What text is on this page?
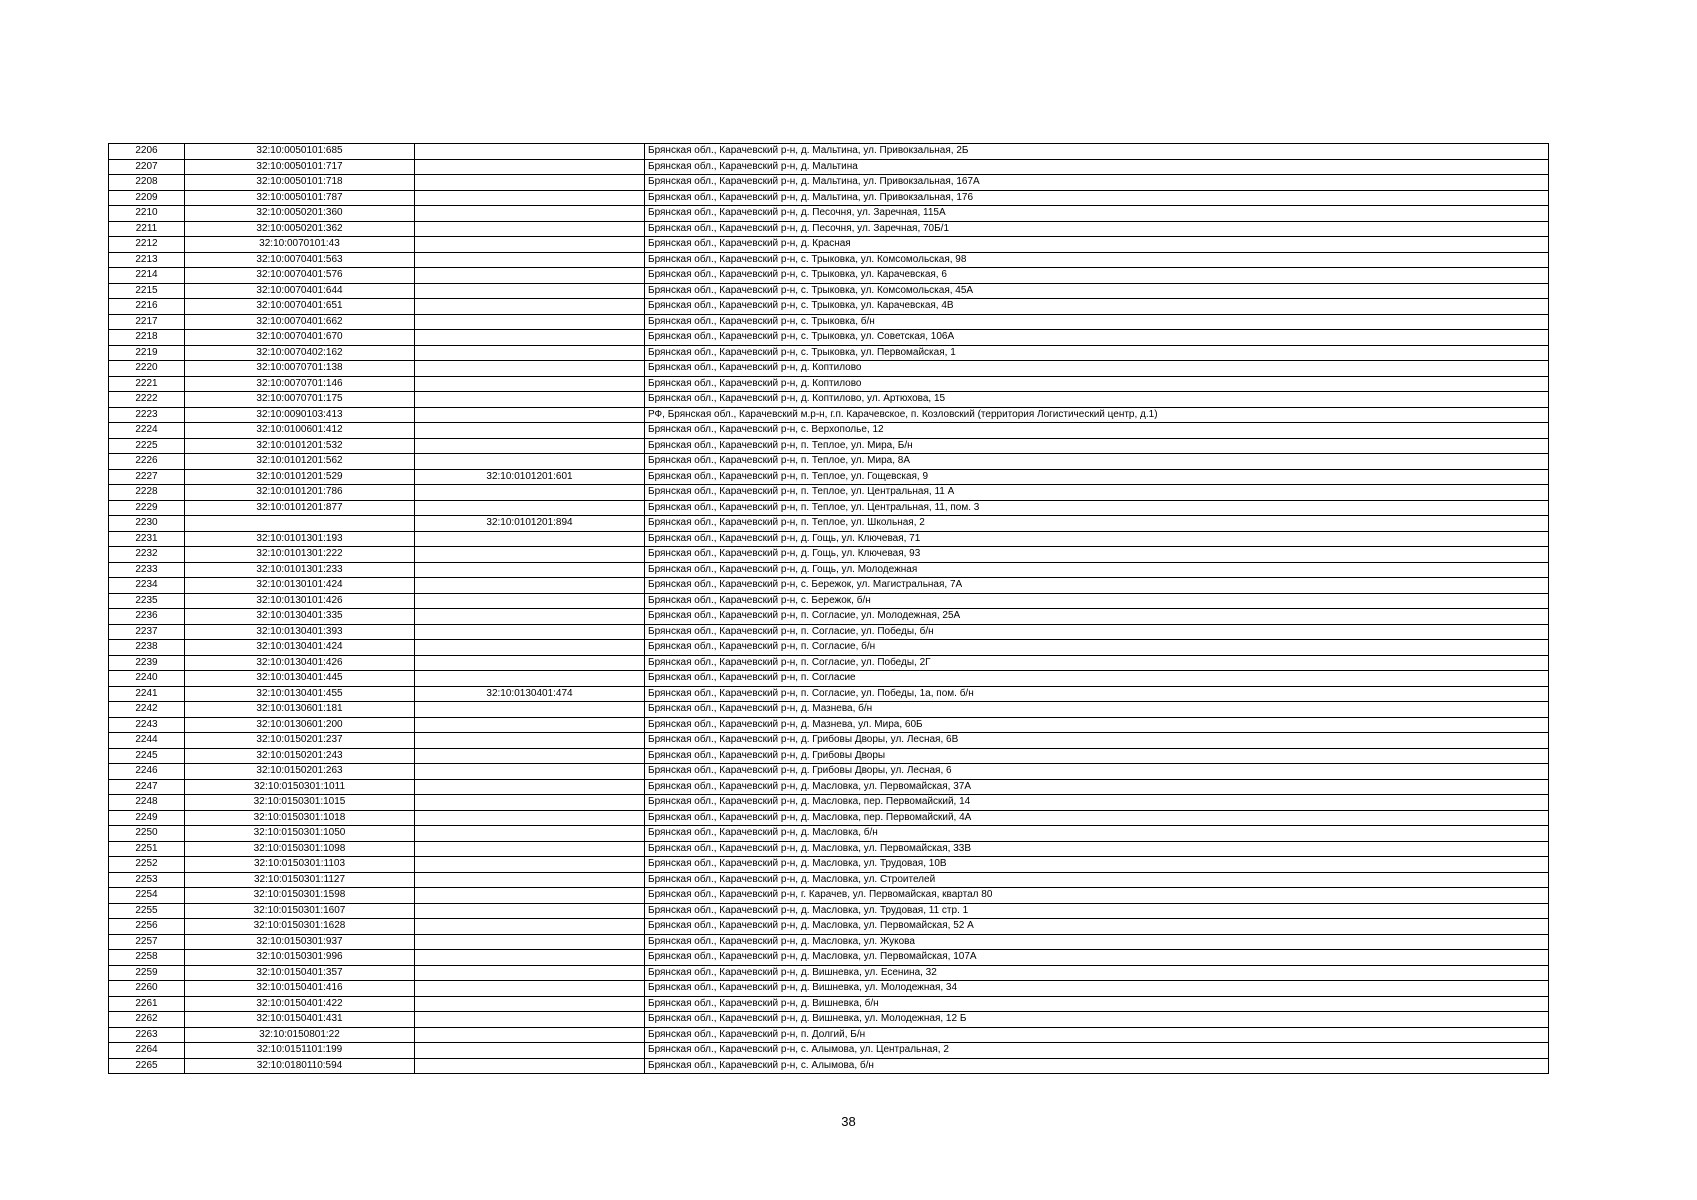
2206	32:10:0050101:685		Брянская обл., Карачевский р-н, д. Мальтина, ул. Привокзальная, 2Б
2207	32:10:0050101:717		Брянская обл., Карачевский р-н, д. Мальтина
2208	32:10:0050101:718		Брянская обл., Карачевский р-н, д. Мальтина, ул. Привокзальная, 167А
2209	32:10:0050101:787		Брянская обл., Карачевский р-н, д. Мальтина, ул. Привокзальная, 176
2210	32:10:0050201:360		Брянская обл., Карачевский р-н, д. Песочня, ул. Заречная, 115А
2211	32:10:0050201:362		Брянская обл., Карачевский р-н, д. Песочня, ул. Заречная, 70Б/1
2212	32:10:0070101:43		Брянская обл., Карачевский р-н, д. Красная
2213	32:10:0070401:563		Брянская обл., Карачевский р-н, с. Трыковка, ул. Комсомольская, 98
2214	32:10:0070401:576		Брянская обл., Карачевский р-н, с. Трыковка, ул. Карачевская, 6
2215	32:10:0070401:644		Брянская обл., Карачевский р-н, с. Трыковка, ул. Комсомольская, 45А
2216	32:10:0070401:651		Брянская обл., Карачевский р-н, с. Трыковка, ул. Карачевская, 4В
2217	32:10:0070401:662		Брянская обл., Карачевский р-н, с. Трыковка, б/н
2218	32:10:0070401:670		Брянская обл., Карачевский р-н, с. Трыковка, ул. Советская, 106А
2219	32:10:0070402:162		Брянская обл., Карачевский р-н, с. Трыковка, ул. Первомайская, 1
2220	32:10:0070701:138		Брянская обл., Карачевский р-н, д. Коптилово
2221	32:10:0070701:146		Брянская обл., Карачевский р-н, д. Коптилово
2222	32:10:0070701:175		Брянская обл., Карачевский р-н, д. Коптилово, ул. Артюхова, 15
2223	32:10:0090103:413		РФ, Брянская обл., Карачевский м.р-н, г.п. Карачевское, п. Козловский (территория Логистический центр, д.1)
2224	32:10:0100601:412		Брянская обл., Карачевский р-н, с. Верхополье, 12
2225	32:10:0101201:532		Брянская обл., Карачевский р-н, п. Теплое, ул. Мира, Б/н
2226	32:10:0101201:562		Брянская обл., Карачевский р-н, п. Теплое, ул. Мира, 8А
2227	32:10:0101201:529	32:10:0101201:601	Брянская обл., Карачевский р-н, п. Теплое, ул. Гощевская, 9
2228	32:10:0101201:786		Брянская обл., Карачевский р-н, п. Теплое, ул. Центральная, 11 А
2229	32:10:0101201:877		Брянская обл., Карачевский р-н, п. Теплое, ул. Центральная, 11, пом. 3
2230		32:10:0101201:894	Брянская обл., Карачевский р-н, п. Теплое, ул. Школьная, 2
2231	32:10:0101301:193		Брянская обл., Карачевский р-н, д. Гощь, ул. Ключевая, 71
2232	32:10:0101301:222		Брянская обл., Карачевский р-н, д. Гощь, ул. Ключевая, 93
2233	32:10:0101301:233		Брянская обл., Карачевский р-н, д. Гощь, ул. Молодежная
2234	32:10:0130101:424		Брянская обл., Карачевский р-н, с. Бережок, ул. Магистральная, 7А
2235	32:10:0130101:426		Брянская обл., Карачевский р-н, с. Бережок, б/н
2236	32:10:0130401:335		Брянская обл., Карачевский р-н, п. Согласие, ул. Молодежная, 25А
2237	32:10:0130401:393		Брянская обл., Карачевский р-н, п. Согласие, ул. Победы, б/н
2238	32:10:0130401:424		Брянская обл., Карачевский р-н, п. Согласие, б/н
2239	32:10:0130401:426		Брянская обл., Карачевский р-н, п. Согласие, ул. Победы, 2Г
2240	32:10:0130401:445		Брянская обл., Карачевский р-н, п. Согласие
2241	32:10:0130401:455	32:10:0130401:474	Брянская обл., Карачевский р-н, п. Согласие, ул. Победы, 1а, пом. б/н
2242	32:10:0130601:181		Брянская обл., Карачевский р-н, д. Мазнева, б/н
2243	32:10:0130601:200		Брянская обл., Карачевский р-н, д. Мазнева, ул. Мира, 60Б
2244	32:10:0150201:237		Брянская обл., Карачевский р-н, д. Грибовы Дворы, ул. Лесная, 6В
2245	32:10:0150201:243		Брянская обл., Карачевский р-н, д. Грибовы Дворы
2246	32:10:0150201:263		Брянская обл., Карачевский р-н, д. Грибовы Дворы, ул. Лесная, 6
2247	32:10:0150301:1011		Брянская обл., Карачевский р-н, д. Масловка, ул. Первомайская, 37А
2248	32:10:0150301:1015		Брянская обл., Карачевский р-н, д. Масловка, пер. Первомайский, 14
2249	32:10:0150301:1018		Брянская обл., Карачевский р-н, д. Масловка, пер. Первомайский, 4А
2250	32:10:0150301:1050		Брянская обл., Карачевский р-н, д. Масловка, б/н
2251	32:10:0150301:1098		Брянская обл., Карачевский р-н, д. Масловка, ул. Первомайская, 33В
2252	32:10:0150301:1103		Брянская обл., Карачевский р-н, д. Масловка, ул. Трудовая, 10В
2253	32:10:0150301:1127		Брянская обл., Карачевский р-н, д. Масловка, ул. Строителей
2254	32:10:0150301:1598		Брянская обл., Карачевский р-н, г. Карачев, ул. Первомайская, квартал 80
2255	32:10:0150301:1607		Брянская обл., Карачевский р-н, д. Масловка, ул. Трудовая, 11 стр. 1
2256	32:10:0150301:1628		Брянская обл., Карачевский р-н, д. Масловка, ул. Первомайская, 52 А
2257	32:10:0150301:937		Брянская обл., Карачевский р-н, д. Масловка, ул. Жукова
2258	32:10:0150301:996		Брянская обл., Карачевский р-н, д. Масловка, ул. Первомайская, 107А
2259	32:10:0150401:357		Брянская обл., Карачевский р-н, д. Вишневка, ул. Есенина, 32
2260	32:10:0150401:416		Брянская обл., Карачевский р-н, д. Вишневка, ул. Молодежная, 34
2261	32:10:0150401:422		Брянская обл., Карачевский р-н, д. Вишневка, б/н
2262	32:10:0150401:431		Брянская обл., Карачевский р-н, д. Вишневка, ул. Молодежная, 12 Б
2263	32:10:0150801:22		Брянская обл., Карачевский р-н, п. Долгий, Б/н
2264	32:10:0151101:199		Брянская обл., Карачевский р-н, с. Алымова, ул. Центральная, 2
2265	32:10:0180110:594		Брянская обл., Карачевский р-н, с. Алымова, б/н
38
